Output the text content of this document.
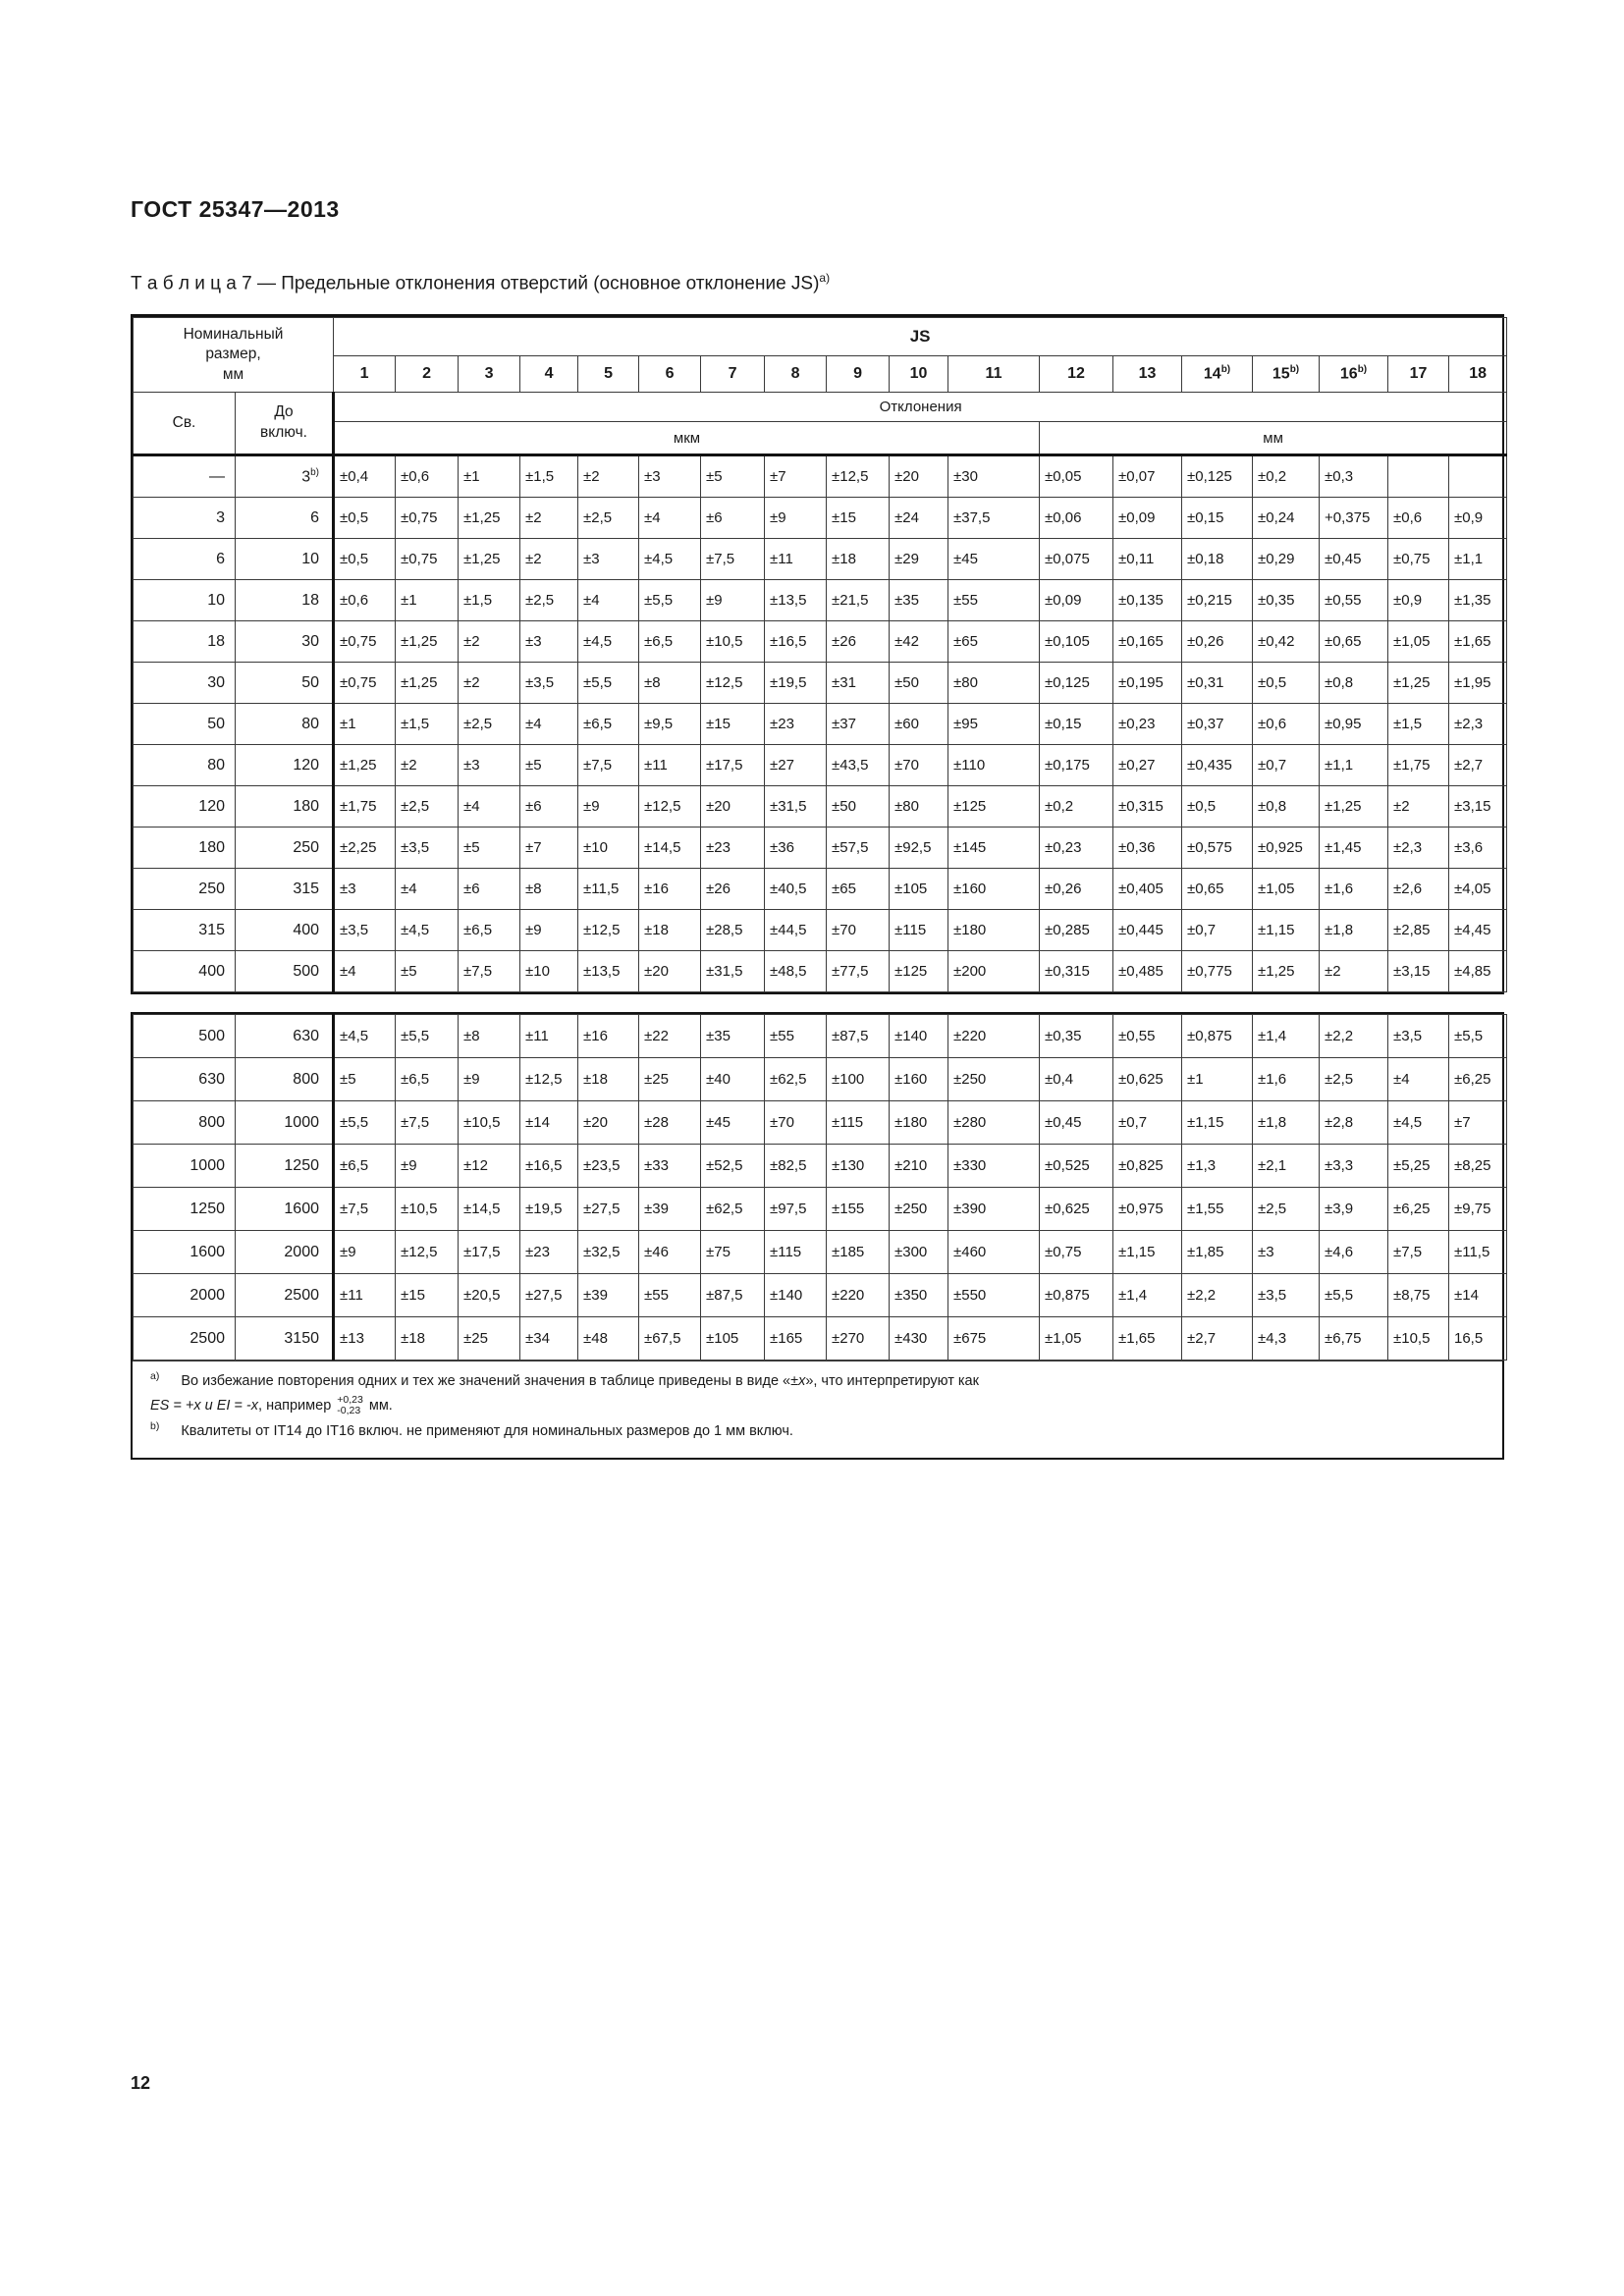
ГОСТ 25347—2013
Т а б л и ц а 7 — Предельные отклонения отверстий (основное отклонение JS)$^{a)}$
Номинальный
размер,
мм		JS																	
		1	2	3	4	5	6	7	8	9	10	11	12	13	14$^{b)}$	15$^{b)}$	16$^{b)}$	17	18
Св.	До
включ.	Отклонения																	
		мкм											мм						
—	$3^{b)}$	±0,4	±0,6	±1	±1,5	±2	±3	±5	±7	±12,5	±20	±30	±0,05	±0,07	±0,125	±0,2	±0,3		
3	6	±0,5	±0,75	±1,25	±2	±2,5	±4	±6	±9	±15	±24	±37,5	±0,06	±0,09	±0,15	±0,24	+0,375	±0,6	±0,9
6	10	±0,5	±0,75	±1,25	±2	±3	±4,5	±7,5	±11	±18	±29	±45	±0,075	±0,11	±0,18	±0,29	±0,45	±0,75	±1,1
10	18	±0,6	±1	±1,5	±2,5	±4	±5,5	±9	±13,5	±21,5	±35	±55	±0,09	±0,135	±0,215	±0,35	±0,55	±0,9	±1,35
18	30	±0,75	±1,25	±2	±3	±4,5	±6,5	±10,5	±16,5	±26	±42	±65	±0,105	±0,165	±0,26	±0,42	±0,65	±1,05	±1,65
30	50	±0,75	±1,25	±2	±3,5	±5,5	±8	±12,5	±19,5	±31	±50	±80	±0,125	±0,195	±0,31	±0,5	±0,8	±1,25	±1,95
50	80	±1	±1,5	±2,5	±4	±6,5	±9,5	±15	±23	±37	±60	±95	±0,15	±0,23	±0,37	±0,6	±0,95	±1,5	±2,3
80	120	±1,25	±2	±3	±5	±7,5	±11	±17,5	±27	±43,5	±70	±110	±0,175	±0,27	±0,435	±0,7	±1,1	±1,75	±2,7
120	180	±1,75	±2,5	±4	±6	±9	±12,5	±20	±31,5	±50	±80	±125	±0,2	±0,315	±0,5	±0,8	±1,25	±2	±3,15
180	250	±2,25	±3,5	±5	±7	±10	±14,5	±23	±36	±57,5	±92,5	±145	±0,23	±0,36	±0,575	±0,925	±1,45	±2,3	±3,6
250	315	±3	±4	±6	±8	±11,5	±16	±26	±40,5	±65	±105	±160	±0,26	±0,405	±0,65	±1,05	±1,6	±2,6	±4,05
315	400	±3,5	±4,5	±6,5	±9	±12,5	±18	±28,5	±44,5	±70	±115	±180	±0,285	±0,445	±0,7	±1,15	±1,8	±2,85	±4,45
400	500	±4	±5	±7,5	±10	±13,5	±20	±31,5	±48,5	±77,5	±125	±200	±0,315	±0,485	±0,775	±1,25	±2	±3,15	±4,85
500	630	±4,5	±5,5	±8	±11	±16	±22	±35	±55	±87,5	±140	±220	±0,35	±0,55	±0,875	±1,4	±2,2	±3,5	±5,5
630	800	±5	±6,5	±9	±12,5	±18	±25	±40	±62,5	±100	±160	±250	±0,4	±0,625	±1	±1,6	±2,5	±4	±6,25
800	1000	±5,5	±7,5	±10,5	±14	±20	±28	±45	±70	±115	±180	±280	±0,45	±0,7	±1,15	±1,8	±2,8	±4,5	±7
1000	1250	±6,5	±9	±12	±16,5	±23,5	±33	±52,5	±82,5	±130	±210	±330	±0,525	±0,825	±1,3	±2,1	±3,3	±5,25	±8,25
1250	1600	±7,5	±10,5	±14,5	±19,5	±27,5	±39	±62,5	±97,5	±155	±250	±390	±0,625	±0,975	±1,55	±2,5	±3,9	±6,25	±9,75
1600	2000	±9	±12,5	±17,5	±23	±32,5	±46	±75	±115	±185	±300	±460	±0,75	±1,15	±1,85	±3	±4,6	±7,5	±11,5
2000	2500	±11	±15	±20,5	±27,5	±39	±55	±87,5	±140	±220	±350	±550	±0,875	±1,4	±2,2	±3,5	±5,5	±8,75	±14
2500	3150	±13	±18	±25	±34	±48	±67,5	±105	±165	±270	±430	±675	±1,05	±1,65	±2,7	±4,3	±6,75	±10,5	16,5
$^{a)}$ Во избежание повторения одних и тех же значений значения в таблице приведены в виде «±x», что интерпретируют как
ES = +x и EI = -x, например +0,23
-0,23 мм.
$^{b)}$ Квалитеты от IT14 до IT16 включ. не применяют для номинальных размеров до 1 мм включ.
12
